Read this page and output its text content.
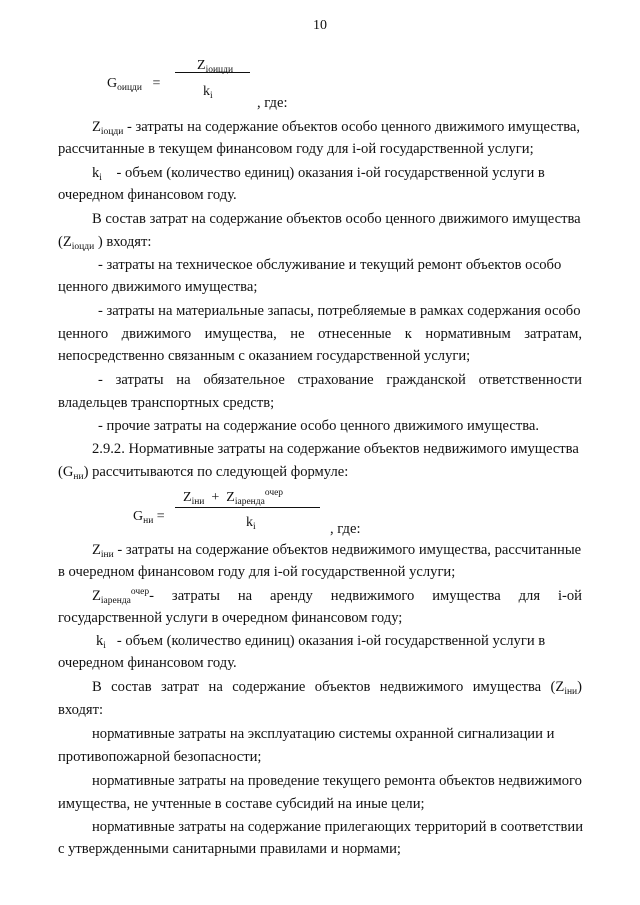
10
$G_{оицди}$   =
$Z_{iоицди}$
$k_i$	, где:
$Z_{iоцди}$ - затраты на содержание объектов особо ценного движимого имущества,
рассчитанные в текущем финансовом году для i-ой государственной услуги;
$k_i$ - объем (количество единиц) оказания i-ой государственной услуги в
очередном финансовом году.
В состав затрат на содержание объектов особо ценного движимого имущества
($Z_{iоцди}$ ) входят:
- затраты на техническое обслуживание и текущий ремонт объектов особо
ценного движимого имущества;
- затраты на материальные запасы, потребляемые в рамках содержания особо
ценного движимого имущества, не отнесенные к нормативным затратам,
непосредственно связанным с оказанием государственной услуги;
- затраты на обязательное страхование гражданской ответственности
владельцев транспортных средств;
- прочие затраты на содержание особо ценного движимого имущества.
2.9.2. Нормативные затраты на содержание объектов недвижимого имущества
$(G_{ни})$ рассчитываются по следующей формуле:
$G_{ни}$ =
$Z_{iни} + Z_{iаренда}^{очер}$
$k_i$	, где:
$Z_{iни}$ - затраты на содержание объектов недвижимого имущества, рассчитанные
в очередном финансовом году для i-ой государственной услуги;
$Z_{iаренда}^{очер}-$ затраты на аренду недвижимого имущества для i-ой
государственной услуги в очередном финансовом году;
$k_i$ - объем (количество единиц) оказания i-ой государственной услуги в
очередном финансовом году.
В состав затрат на содержание объектов недвижимого имущества $(Z_{iни})$
входят:
нормативные затраты на эксплуатацию системы охранной сигнализации и
противопожарной безопасности;
нормативные затраты на проведение текущего ремонта объектов недвижимого
имущества, не учтенные в составе субсидий на иные цели;
нормативные затраты на содержание прилегающих территорий в соответствии
с утвержденными санитарными правилами и нормами;
